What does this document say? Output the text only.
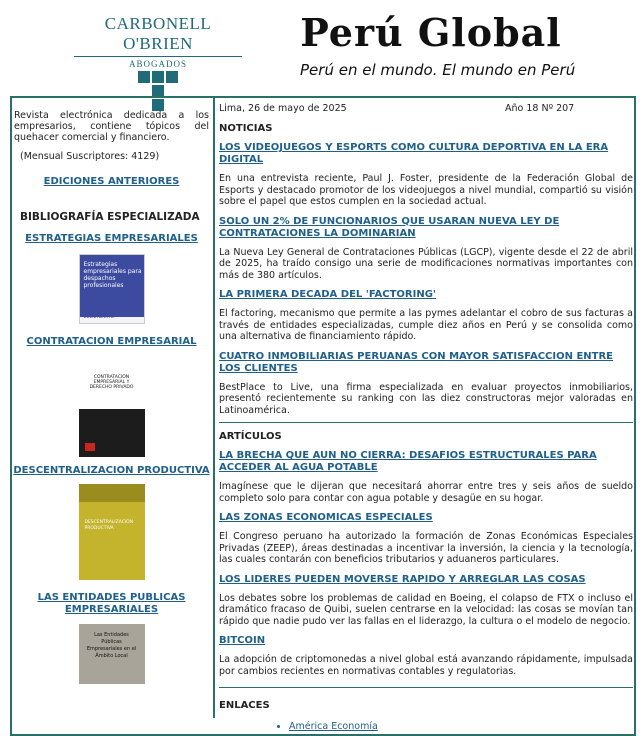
CARBONELL O'BRIEN
ABOGADOS
Perú Global
Perú en el mundo. El mundo en Perú
Revista electrónica dedicada a los empresarios, contiene tópicos del quehacer comercial y financiero.
(Mensual Suscriptores: 4129)
EDICIONES ANTERIORES
BIBLIOGRAFÍA ESPECIALIZADA
ESTRATEGIAS EMPRESARIALES
Estrategias empresariales para despachos profesionales
ELDERECHO
CONTRATACION EMPRESARIAL
CONTRATACIÓN EMPRESARIAL Y DERECHO PRIVADO
DESCENTRALIZACION PRODUCTIVA
DESCENTRALIZACIÓN PRODUCTIVA
LAS ENTIDADES PUBLICAS EMPRESARIALES
Las Entidades Públicas Empresariales en el Ámbito Local
Lima, 26 de mayo de 2025	Año 18 Nº 207
NOTICIAS
LOS VIDEOJUEGOS Y ESPORTS COMO CULTURA DEPORTIVA EN LA ERA DIGITAL
En una entrevista reciente, Paul J. Foster, presidente de la Federación Global de Esports y destacado promotor de los videojuegos a nivel mundial, compartió su visión sobre el papel que estos cumplen en la sociedad actual.
SOLO UN 2% DE FUNCIONARIOS QUE USARAN NUEVA LEY DE CONTRATACIONES LA DOMINARIAN
La Nueva Ley General de Contrataciones Públicas (LGCP), vigente desde el 22 de abril de 2025, ha traído consigo una serie de modificaciones normativas importantes con más de 380 artículos.
LA PRIMERA DECADA DEL 'FACTORING'
El factoring, mecanismo que permite a las pymes adelantar el cobro de sus facturas a través de entidades especializadas, cumple diez años en Perú y se consolida como una alternativa de financiamiento rápido.
CUATRO INMOBILIARIAS PERUANAS CON MAYOR SATISFACCION ENTRE LOS CLIENTES
BestPlace to Live, una firma especializada en evaluar proyectos inmobiliarios, presentó recientemente su ranking con las diez constructoras mejor valoradas en Latinoamérica.
ARTÍCULOS
LA BRECHA QUE AUN NO CIERRA: DESAFIOS ESTRUCTURALES PARA ACCEDER AL AGUA POTABLE
Imagínese que le dijeran que necesitará ahorrar entre tres y seis años de sueldo completo solo para contar con agua potable y desagüe en su hogar.
LAS ZONAS ECONOMICAS ESPECIALES
El Congreso peruano ha autorizado la formación de Zonas Económicas Especiales Privadas (ZEEP), áreas destinadas a incentivar la inversión, la ciencia y la tecnología, las cuales contarán con beneficios tributarios y aduaneros particulares.
LOS LIDERES PUEDEN MOVERSE RAPIDO Y ARREGLAR LAS COSAS
Los debates sobre los problemas de calidad en Boeing, el colapso de FTX o incluso el dramático fracaso de Quibi, suelen centrarse en la velocidad: las cosas se movían tan rápido que nadie pudo ver las fallas en el liderazgo, la cultura o el modelo de negocio.
BITCOIN
La adopción de criptomonedas a nivel global está avanzando rápidamente, impulsada por cambios recientes en normativas contables y regulatorias.
ENLACES
• América Economía
